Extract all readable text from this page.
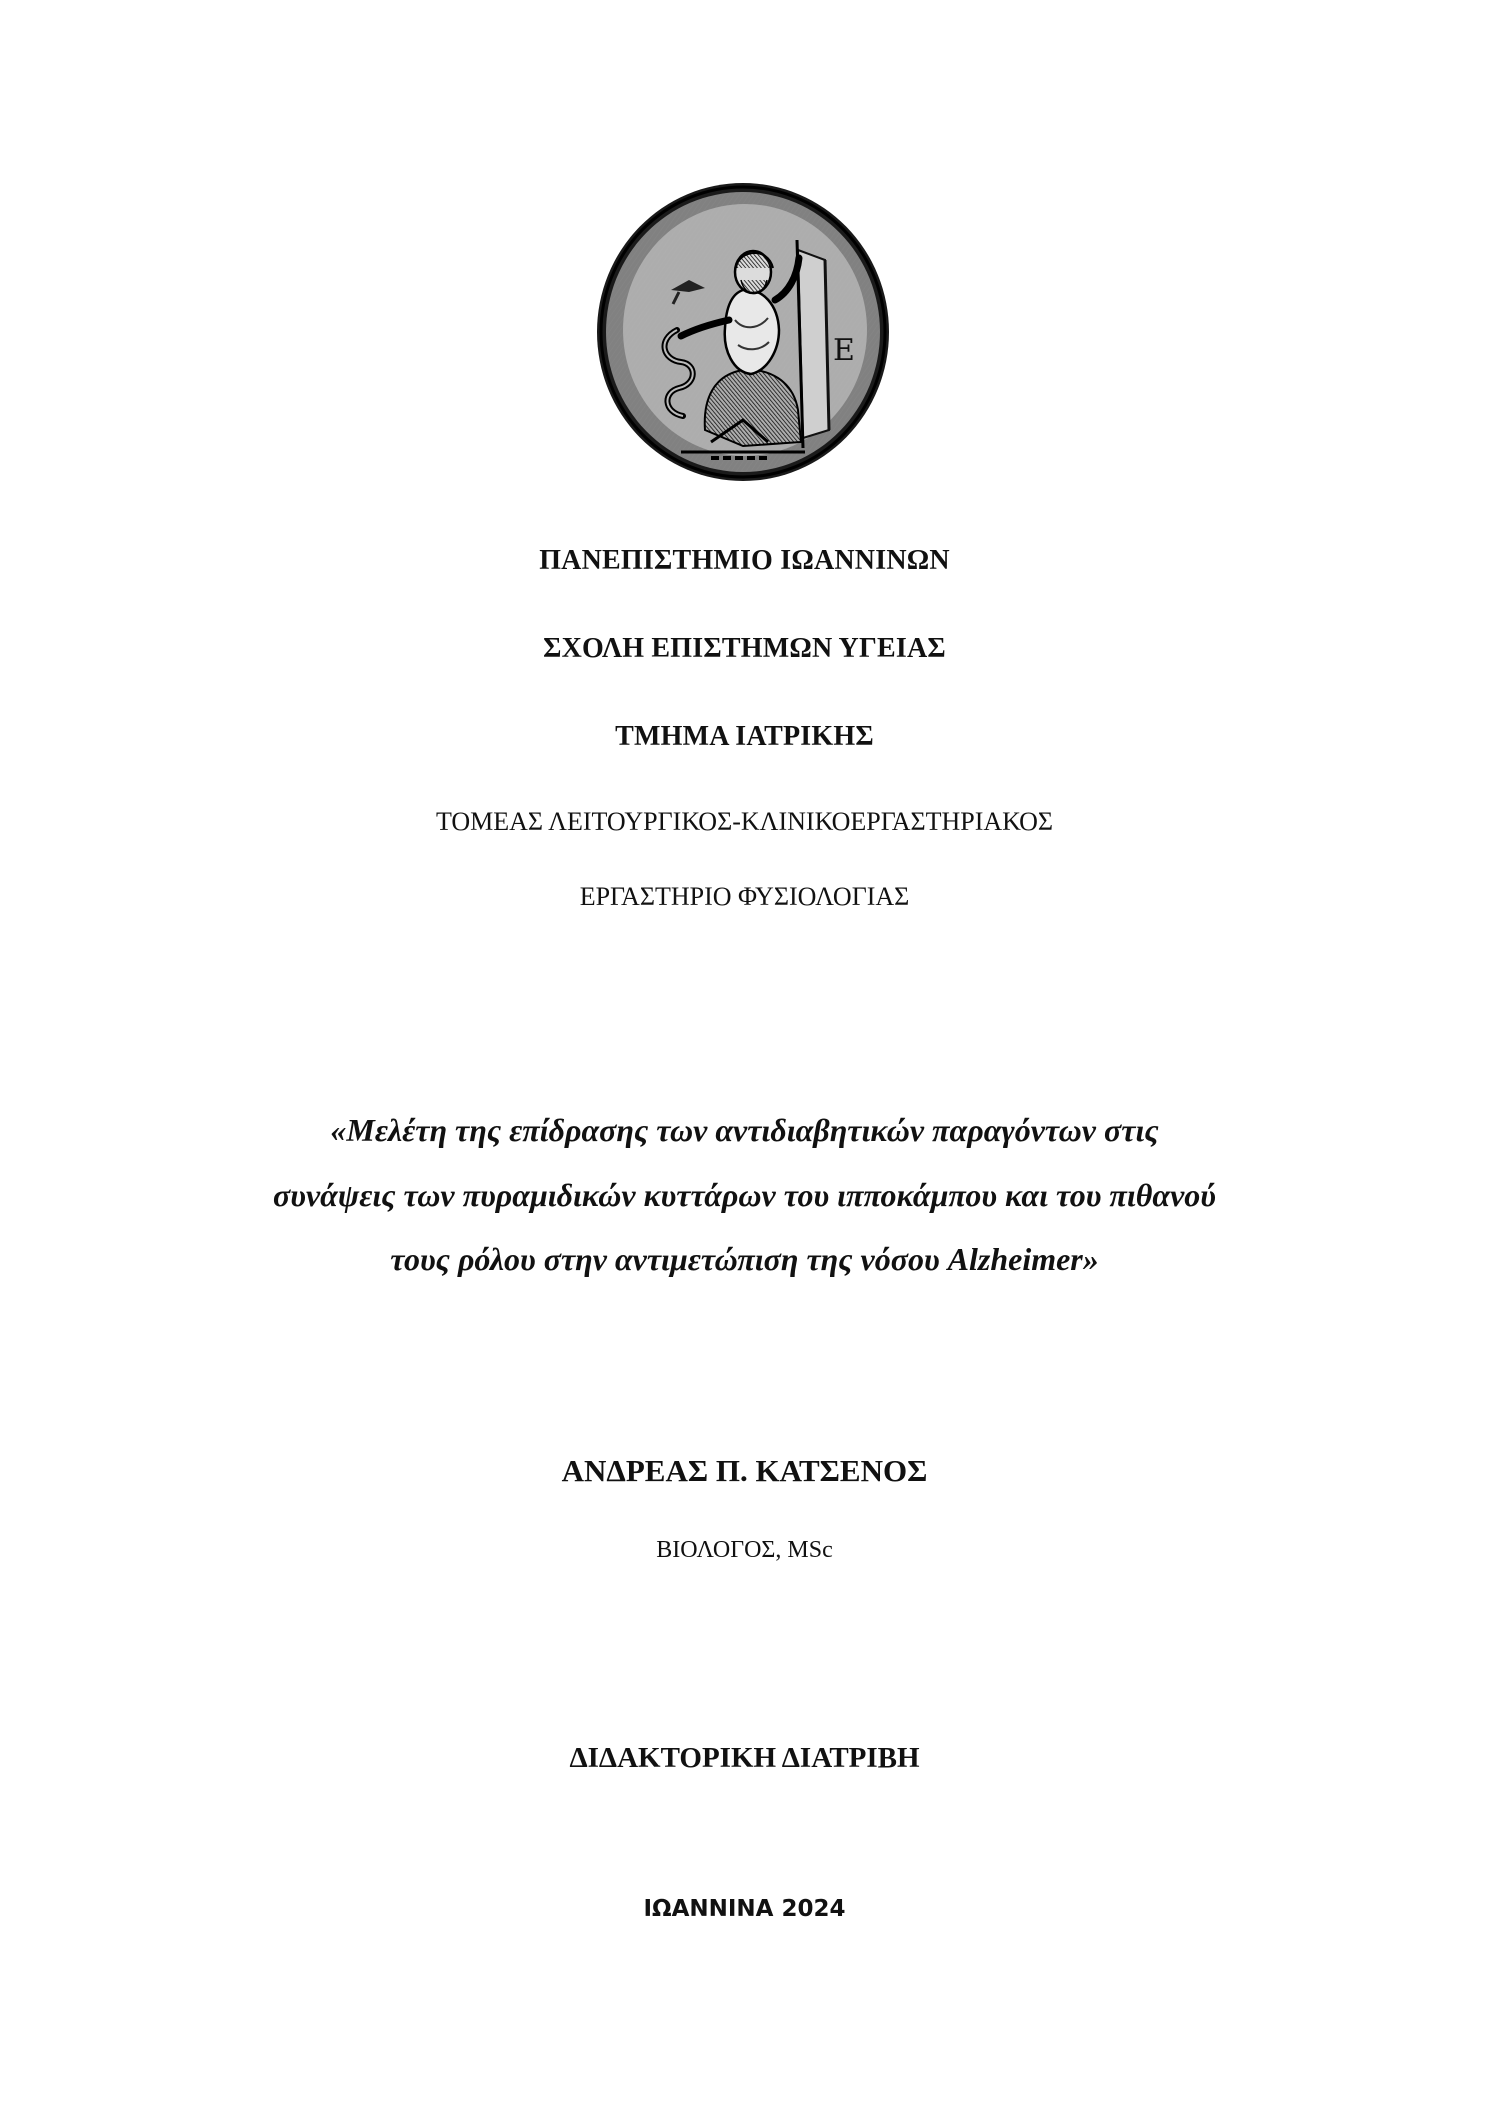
Ε
ΠΑΝΕΠΙΣΤΗΜΙΟ ΙΩΑΝΝΙΝΩΝ
ΣΧΟΛΗ ΕΠΙΣΤΗΜΩΝ ΥΓΕΙΑΣ
ΤΜΗΜΑ ΙΑΤΡΙΚΗΣ
ΤΟΜΕΑΣ ΛΕΙΤΟΥΡΓΙΚΟΣ-ΚΛΙΝΙΚΟΕΡΓΑΣΤΗΡΙΑΚΟΣ
ΕΡΓΑΣΤΗΡΙΟ ΦΥΣΙΟΛΟΓΙΑΣ
«Μελέτη της επίδρασης των αντιδιαβητικών παραγόντων στις
συνάψεις των πυραμιδικών κυττάρων του ιπποκάμπου και του πιθανού
τους ρόλου στην αντιμετώπιση της νόσου Alzheimer»
ΑΝΔΡΕΑΣ Π. ΚΑΤΣΕΝΟΣ
ΒΙΟΛΟΓΟΣ, MSc
ΔΙΔΑΚΤΟΡΙΚΗ ΔΙΑΤΡΙΒΗ
ΙΩΑΝΝΙΝΑ 2024
